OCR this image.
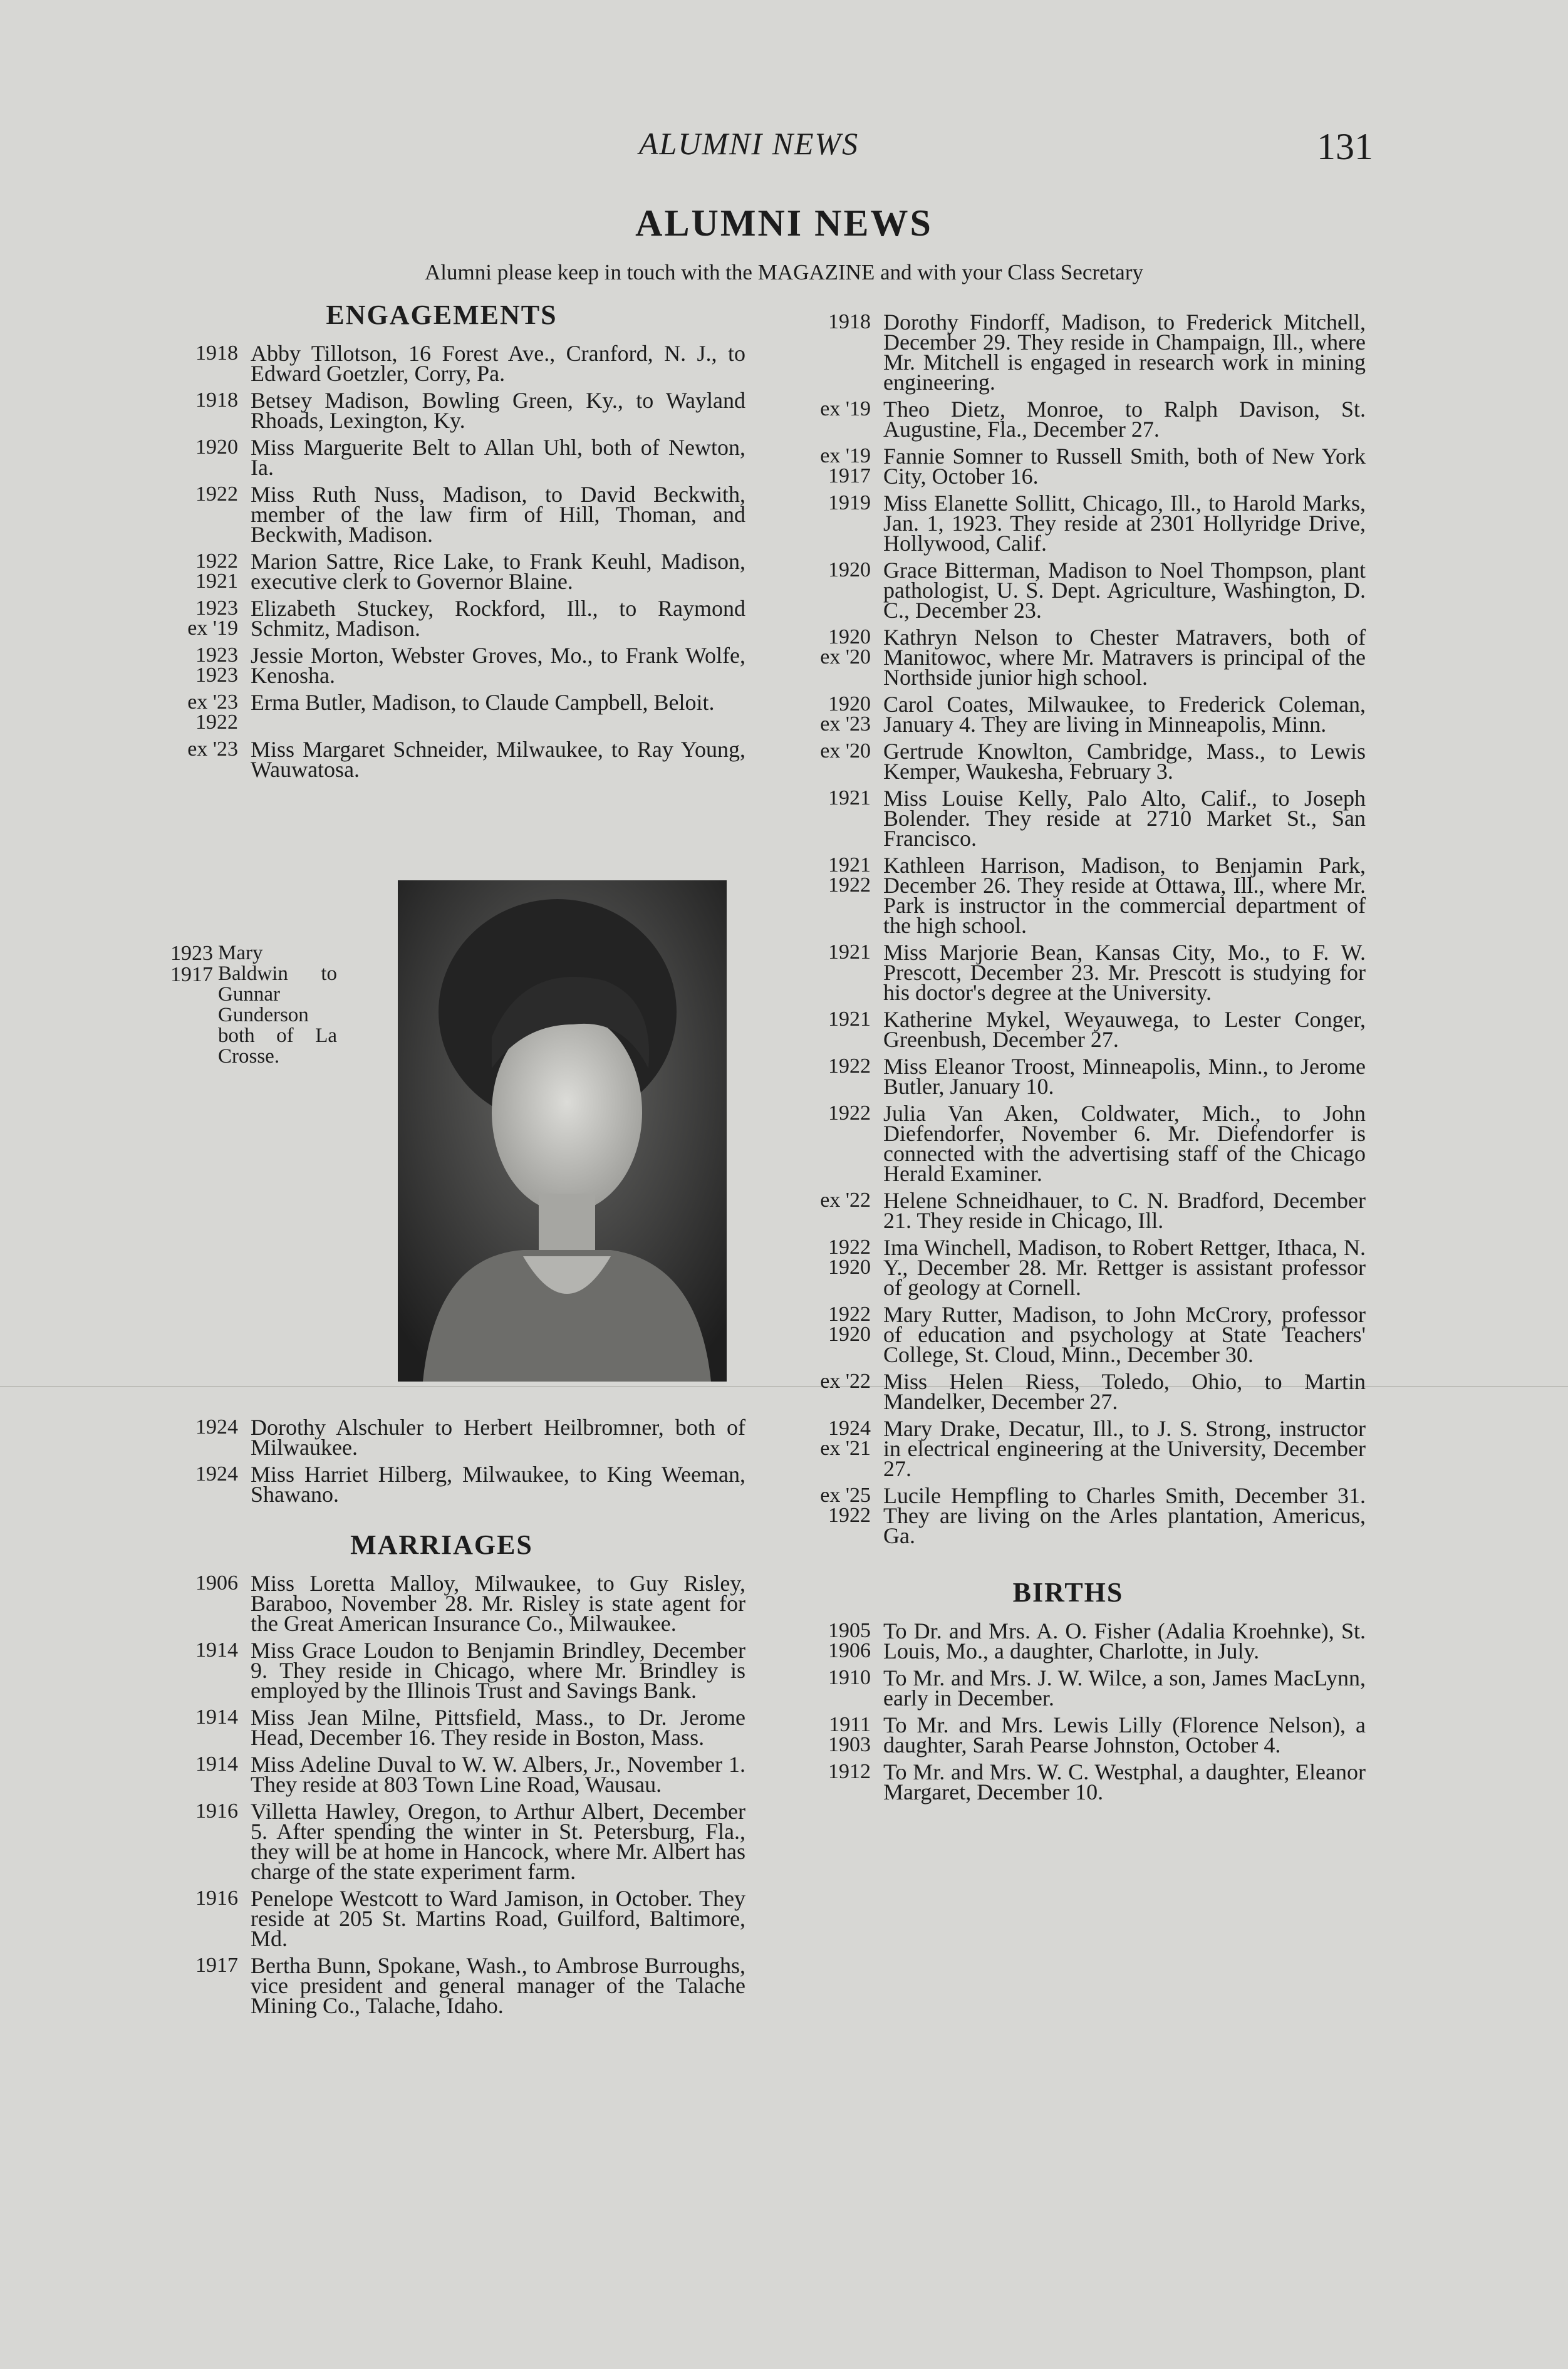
ALUMNI NEWS	131
ALUMNI NEWS
Alumni please keep in touch with the MAGAZINE and with your Class Secretary
ENGAGEMENTS
1918 Abby Tillotson, 16 Forest Ave., Cranford, N. J., to Edward Goetzler, Corry, Pa.
1918 Betsey Madison, Bowling Green, Ky., to Wayland Rhoads, Lexington, Ky.
1920 Miss Marguerite Belt to Allan Uhl, both of Newton, Ia.
1922 Miss Ruth Nuss, Madison, to David Beckwith, member of the law firm of Hill, Thoman, and Beckwith, Madison.
1922
1921
Marion Sattre, Rice Lake, to Frank Keuhl, Madison, executive clerk to Governor Blaine.
1923
ex '19
Elizabeth Stuckey, Rockford, Ill., to Raymond Schmitz, Madison.
1923
1923
Jessie Morton, Webster Groves, Mo., to Frank Wolfe, Kenosha.
ex '23
1922
Erma Butler, Madison, to Claude Campbell, Beloit.
ex '23 Miss Margaret Schneider, Milwaukee, to Ray Young, Wauwatosa.
1923
1917
Mary Baldwin to Gunnar Gunderson both of La Crosse.
1924 Dorothy Alschuler to Herbert Heilbromner, both of Milwaukee.
1924 Miss Harriet Hilberg, Milwaukee, to King Weeman, Shawano.
MARRIAGES
1906 Miss Loretta Malloy, Milwaukee, to Guy Risley, Baraboo, November 28. Mr. Risley is state agent for the Great American Insurance Co., Milwaukee.
1914 Miss Grace Loudon to Benjamin Brindley, December 9. They reside in Chicago, where Mr. Brindley is employed by the Illinois Trust and Savings Bank.
1914 Miss Jean Milne, Pittsfield, Mass., to Dr. Jerome Head, December 16. They reside in Boston, Mass.
1914 Miss Adeline Duval to W. W. Albers, Jr., November 1. They reside at 803 Town Line Road, Wausau.
1916 Villetta Hawley, Oregon, to Arthur Albert, December 5. After spending the winter in St. Petersburg, Fla., they will be at home in Hancock, where Mr. Albert has charge of the state experiment farm.
1916 Penelope Westcott to Ward Jamison, in October. They reside at 205 St. Martins Road, Guilford, Baltimore, Md.
1917 Bertha Bunn, Spokane, Wash., to Ambrose Burroughs, vice president and general manager of the Talache Mining Co., Talache, Idaho.
1918 Dorothy Findorff, Madison, to Frederick Mitchell, December 29. They reside in Champaign, Ill., where Mr. Mitchell is engaged in research work in mining engineering.
ex '19 Theo Dietz, Monroe, to Ralph Davison, St. Augustine, Fla., December 27.
ex '19
1917
Fannie Somner to Russell Smith, both of New York City, October 16.
1919 Miss Elanette Sollitt, Chicago, Ill., to Harold Marks, Jan. 1, 1923. They reside at 2301 Hollyridge Drive, Hollywood, Calif.
1920 Grace Bitterman, Madison to Noel Thompson, plant pathologist, U. S. Dept. Agriculture, Washington, D. C., December 23.
1920
ex '20
Kathryn Nelson to Chester Matravers, both of Manitowoc, where Mr. Matravers is principal of the Northside junior high school.
1920
ex '23
Carol Coates, Milwaukee, to Frederick Coleman, January 4. They are living in Minneapolis, Minn.
ex '20 Gertrude Knowlton, Cambridge, Mass., to Lewis Kemper, Waukesha, February 3.
1921 Miss Louise Kelly, Palo Alto, Calif., to Joseph Bolender. They reside at 2710 Market St., San Francisco.
1921
1922
Kathleen Harrison, Madison, to Benjamin Park, December 26. They reside at Ottawa, Ill., where Mr. Park is instructor in the commercial department of the high school.
1921 Miss Marjorie Bean, Kansas City, Mo., to F. W. Prescott, December 23. Mr. Prescott is studying for his doctor's degree at the University.
1921 Katherine Mykel, Weyauwega, to Lester Conger, Greenbush, December 27.
1922 Miss Eleanor Troost, Minneapolis, Minn., to Jerome Butler, January 10.
1922 Julia Van Aken, Coldwater, Mich., to John Diefendorfer, November 6. Mr. Diefendorfer is connected with the advertising staff of the Chicago Herald Examiner.
ex '22 Helene Schneidhauer, to C. N. Bradford, December 21. They reside in Chicago, Ill.
1922
1920
Ima Winchell, Madison, to Robert Rettger, Ithaca, N. Y., December 28. Mr. Rettger is assistant professor of geology at Cornell.
1922
1920
Mary Rutter, Madison, to John McCrory, professor of education and psychology at State Teachers' College, St. Cloud, Minn., December 30.
ex '22 Miss Helen Riess, Toledo, Ohio, to Martin Mandelker, December 27.
1924
ex '21
Mary Drake, Decatur, Ill., to J. S. Strong, instructor in electrical engineering at the University, December 27.
ex '25
1922
Lucile Hempfling to Charles Smith, December 31. They are living on the Arles plantation, Americus, Ga.
BIRTHS
1905
1906
To Dr. and Mrs. A. O. Fisher (Adalia Kroehnke), St. Louis, Mo., a daughter, Charlotte, in July.
1910 To Mr. and Mrs. J. W. Wilce, a son, James MacLynn, early in December.
1911
1903
To Mr. and Mrs. Lewis Lilly (Florence Nelson), a daughter, Sarah Pearse Johnston, October 4.
1912 To Mr. and Mrs. W. C. Westphal, a daughter, Eleanor Margaret, December 10.
